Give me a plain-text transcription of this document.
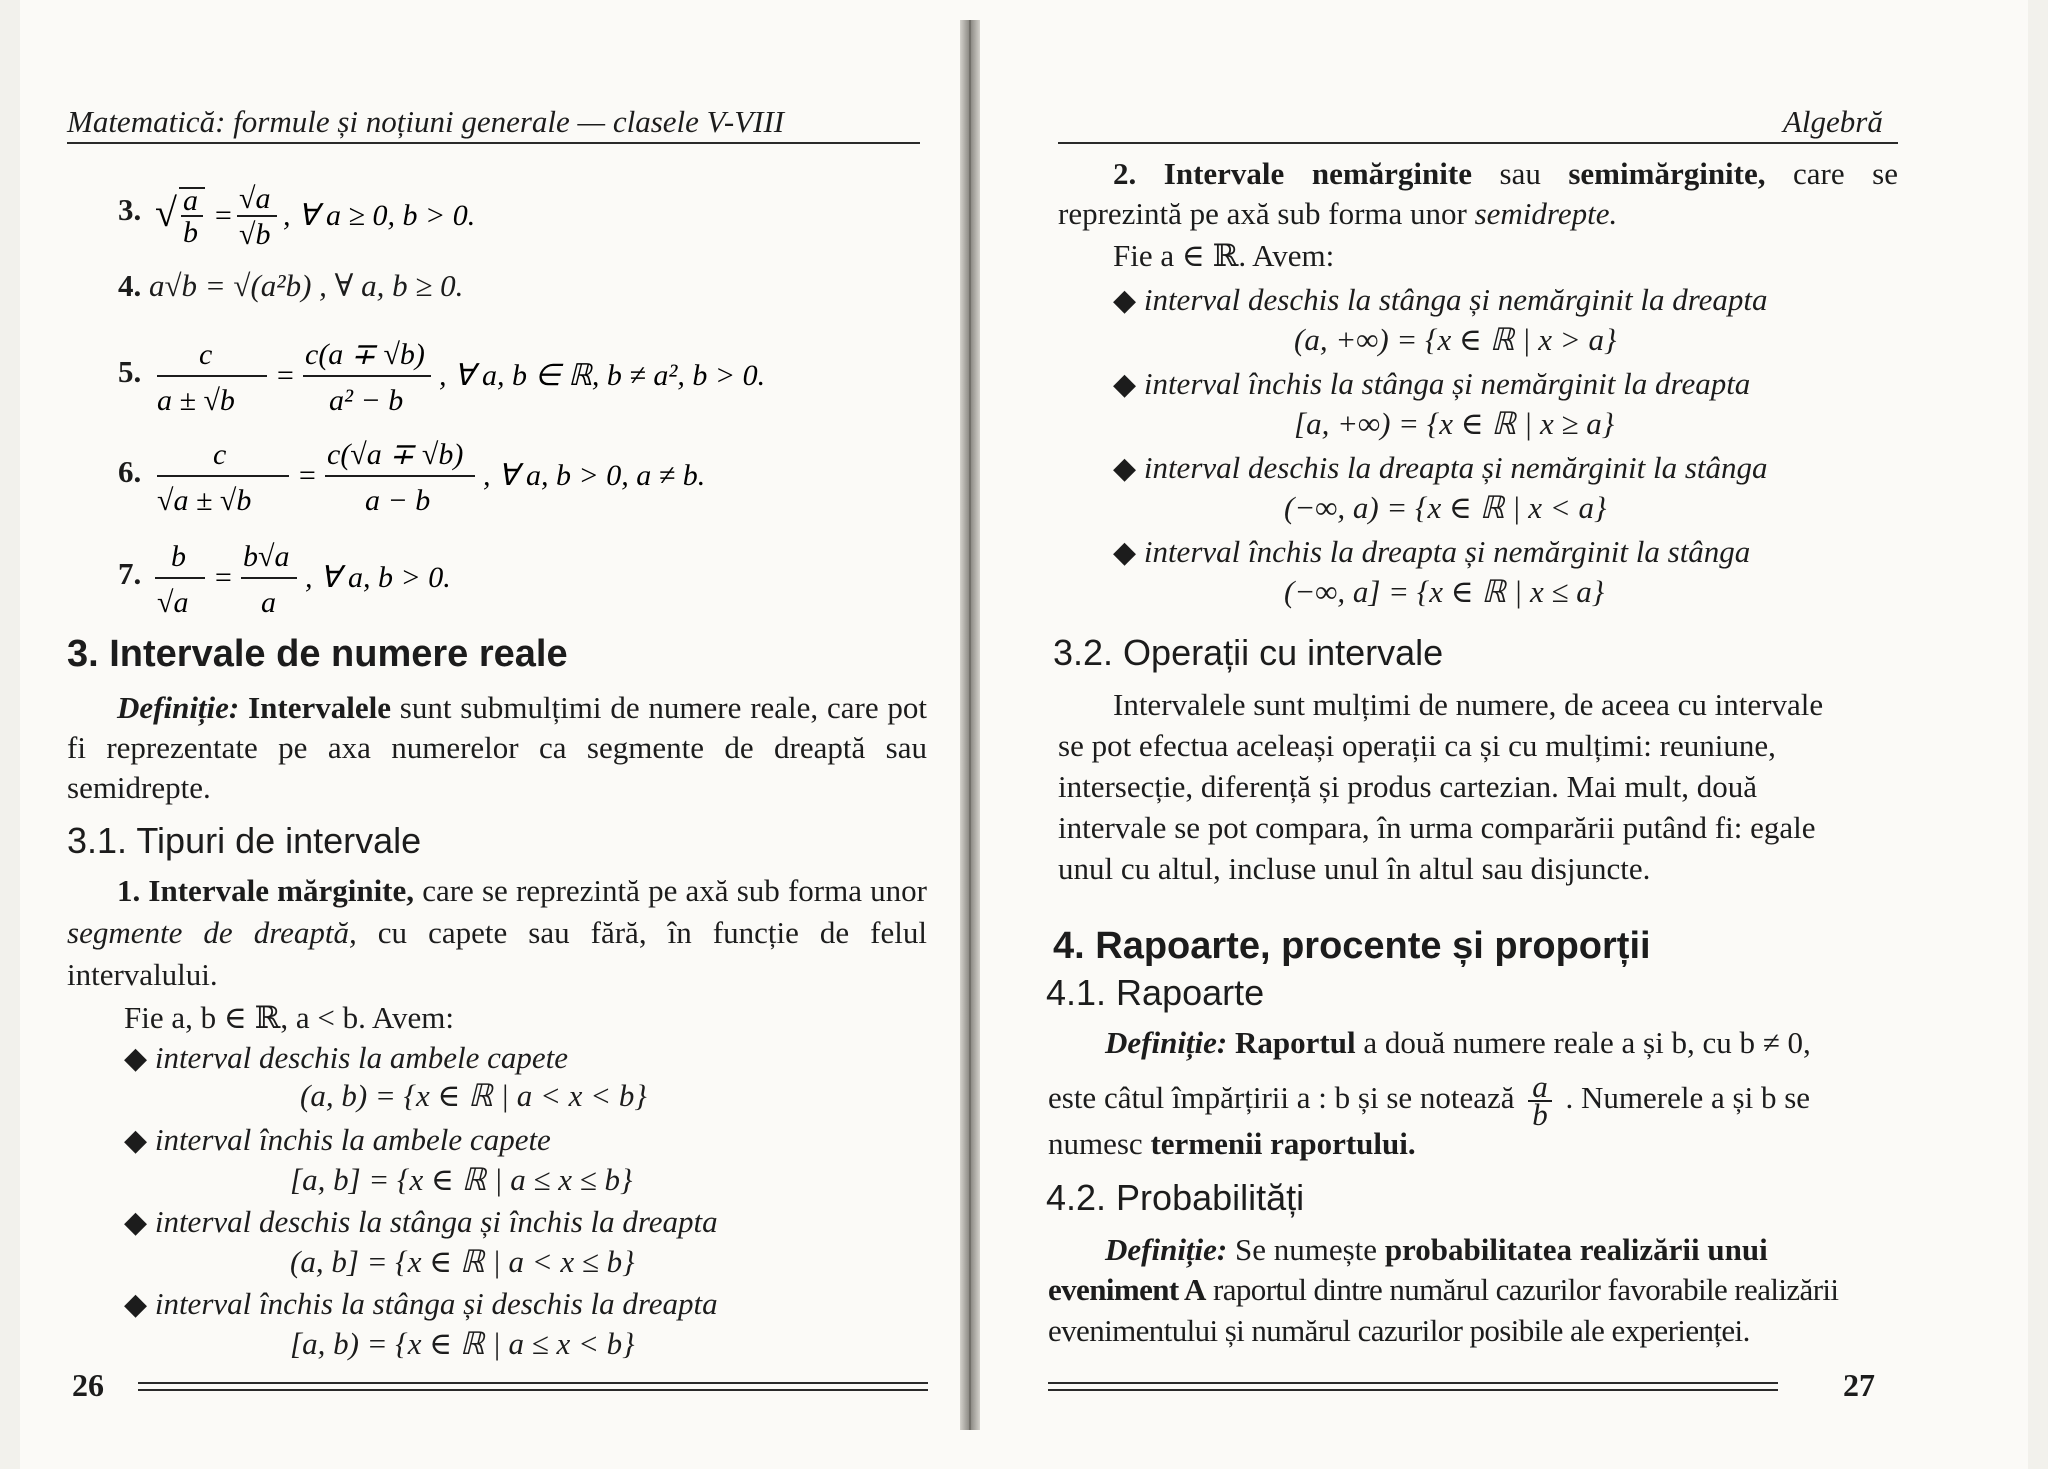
Matematică: formule și noțiuni generale — clasele V-VIII
3. √ a
b
=
√a
√b
, ∀ a ≥ 0, b > 0.
4. a√b = √(a²b) , ∀ a, b ≥ 0.
5. c
a ± √b
=
c(a ∓ √b)
a² − b
, ∀ a, b ∈ ℝ, b ≠ a², b > 0.
6. c
√a ± √b
=
c(√a ∓ √b)
a − b
, ∀ a, b > 0, a ≠ b.
7. b
√a
=
b√a
a
, ∀ a, b > 0.
3. Intervale de numere reale
Definiție: Intervalele sunt submulțimi de numere reale, care pot fi reprezentate pe axa numerelor ca segmente de dreaptă sau semidrepte.
3.1. Tipuri de intervale
1. Intervale mărginite, care se reprezintă pe axă sub forma unor segmente de dreaptă, cu capete sau fără, în funcție de felul intervalului.
Fie a, b ∈ ℝ, a < b. Avem:
◆ interval deschis la ambele capete
(a, b) = {x ∈ ℝ | a < x < b}
◆ interval închis la ambele capete
[a, b] = {x ∈ ℝ | a ≤ x ≤ b}
◆ interval deschis la stânga și închis la dreapta
(a, b] = {x ∈ ℝ | a < x ≤ b}
◆ interval închis la stânga și deschis la dreapta
[a, b) = {x ∈ ℝ | a ≤ x < b}
26
Algebră
2. Intervale nemărginite sau semimărginite, care se reprezintă pe axă sub forma unor semidrepte.
Fie a ∈ ℝ. Avem:
◆ interval deschis la stânga și nemărginit la dreapta
(a, +∞) = {x ∈ ℝ | x > a}
◆ interval închis la stânga și nemărginit la dreapta
[a, +∞) = {x ∈ ℝ | x ≥ a}
◆ interval deschis la dreapta și nemărginit la stânga
(−∞, a) = {x ∈ ℝ | x < a}
◆ interval închis la dreapta și nemărginit la stânga
(−∞, a] = {x ∈ ℝ | x ≤ a}
3.2. Operații cu intervale
Intervalele sunt mulțimi de numere, de aceea cu intervale
se pot efectua aceleași operații ca și cu mulțimi: reuniune,
intersecție, diferență și produs cartezian. Mai mult, două
intervale se pot compara, în urma comparării putând fi: egale
unul cu altul, incluse unul în altul sau disjuncte.
4. Rapoarte, procente și proporții
4.1. Rapoarte
Definiție: Raportul a două numere reale a și b, cu b ≠ 0,
este câtul împărțirii a : b și se notează $\frac{a}{b}$ . Numerele a și b se
numesc termenii raportului.
4.2. Probabilități
Definiție: Se numește probabilitatea realizării unui
eveniment A raportul dintre numărul cazurilor favorabile realizării
evenimentului și numărul cazurilor posibile ale experienței.
27
